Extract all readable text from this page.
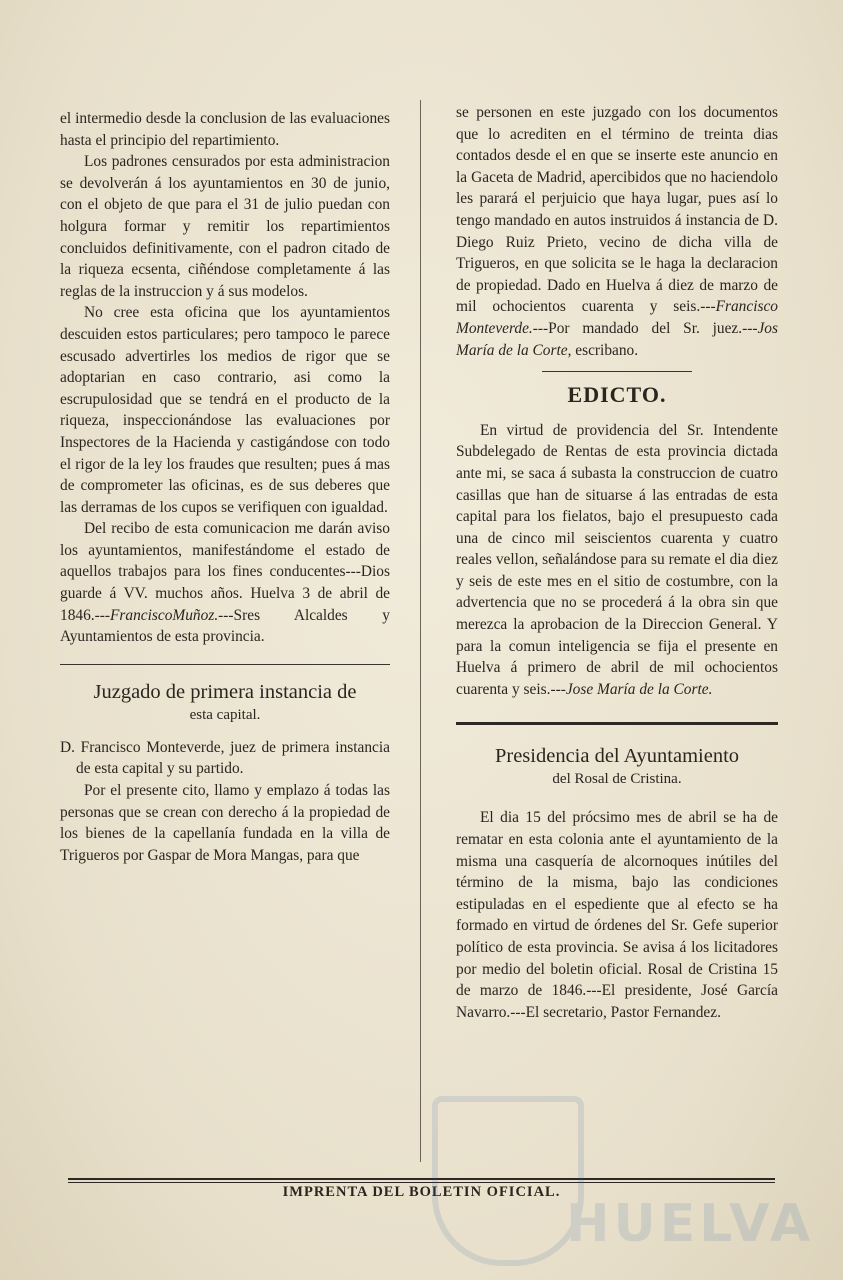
el intermedio desde la conclusion de las evaluaciones hasta el principio del repartimiento.

Los padrones censurados por esta administracion se devolverán á los ayuntamientos en 30 de junio, con el objeto de que para el 31 de julio puedan con holgura formar y remitir los repartimientos concluidos definitivamente, con el padron citado de la riqueza ecsenta, ciñéndose completamente á las reglas de la instruccion y á sus modelos.

No cree esta oficina que los ayuntamientos descuiden estos particulares; pero tampoco le parece escusado advertirles los medios de rigor que se adoptarian en caso contrario, asi como la escrupulosidad que se tendrá en el producto de la riqueza, inspeccionándose las evaluaciones por Inspectores de la Hacienda y castigándose con todo el rigor de la ley los fraudes que resulten; pues á mas de comprometer las oficinas, es de sus deberes que las derramas de los cupos se verifiquen con igualdad.

Del recibo de esta comunicacion me darán aviso los ayuntamientos, manifestándome el estado de aquellos trabajos para los fines conducentes---Dios guarde á VV. muchos años. Huelva 3 de abril de 1846.---FranciscoMuñoz.---Sres Alcaldes y Ayuntamientos de esta provincia.

Juzgado de primera instancia de
esta capital.

D. Francisco Monteverde, juez de primera instancia de esta capital y su partido.

Por el presente cito, llamo y emplazo á todas las personas que se crean con derecho á la propiedad de los bienes de la capellanía fundada en la villa de Trigueros por Gaspar de Mora Mangas, para que

se personen en este juzgado con los documentos que lo acrediten en el término de treinta dias contados desde el en que se inserte este anuncio en la Gaceta de Madrid, apercibidos que no haciendolo les parará el perjuicio que haya lugar, pues así lo tengo mandado en autos instruidos á instancia de D. Diego Ruiz Prieto, vecino de dicha villa de Trigueros, en que solicita se le haga la declaracion de propiedad. Dado en Huelva á diez de marzo de mil ochocientos cuarenta y seis.---Francisco Monteverde.---Por mandado del Sr. juez.---Jos María de la Corte, escribano.

EDICTO.

En virtud de providencia del Sr. Intendente Subdelegado de Rentas de esta provincia dictada ante mi, se saca á subasta la construccion de cuatro casillas que han de situarse á las entradas de esta capital para los fielatos, bajo el presupuesto cada una de cinco mil seiscientos cuarenta y cuatro reales vellon, señalándose para su remate el dia diez y seis de este mes en el sitio de costumbre, con la advertencia que no se procederá á la obra sin que merezca la aprobacion de la Direccion General. Y para la comun inteligencia se fija el presente en Huelva á primero de abril de mil ochocientos cuarenta y seis.---Jose María de la Corte.

Presidencia del Ayuntamiento
del Rosal de Cristina.

El dia 15 del prócsimo mes de abril se ha de rematar en esta colonia ante el ayuntamiento de la misma una casquería de alcornoques inútiles del término de la misma, bajo las condiciones estipuladas en el espediente que al efecto se ha formado en virtud de órdenes del Sr. Gefe superior político de esta provincia. Se avisa á los licitadores por medio del boletin oficial. Rosal de Cristina 15 de marzo de 1846.---El presidente, José García Navarro.---El secretario, Pastor Fernandez.

IMPRENTA DEL BOLETIN OFICIAL.
HUELVA
